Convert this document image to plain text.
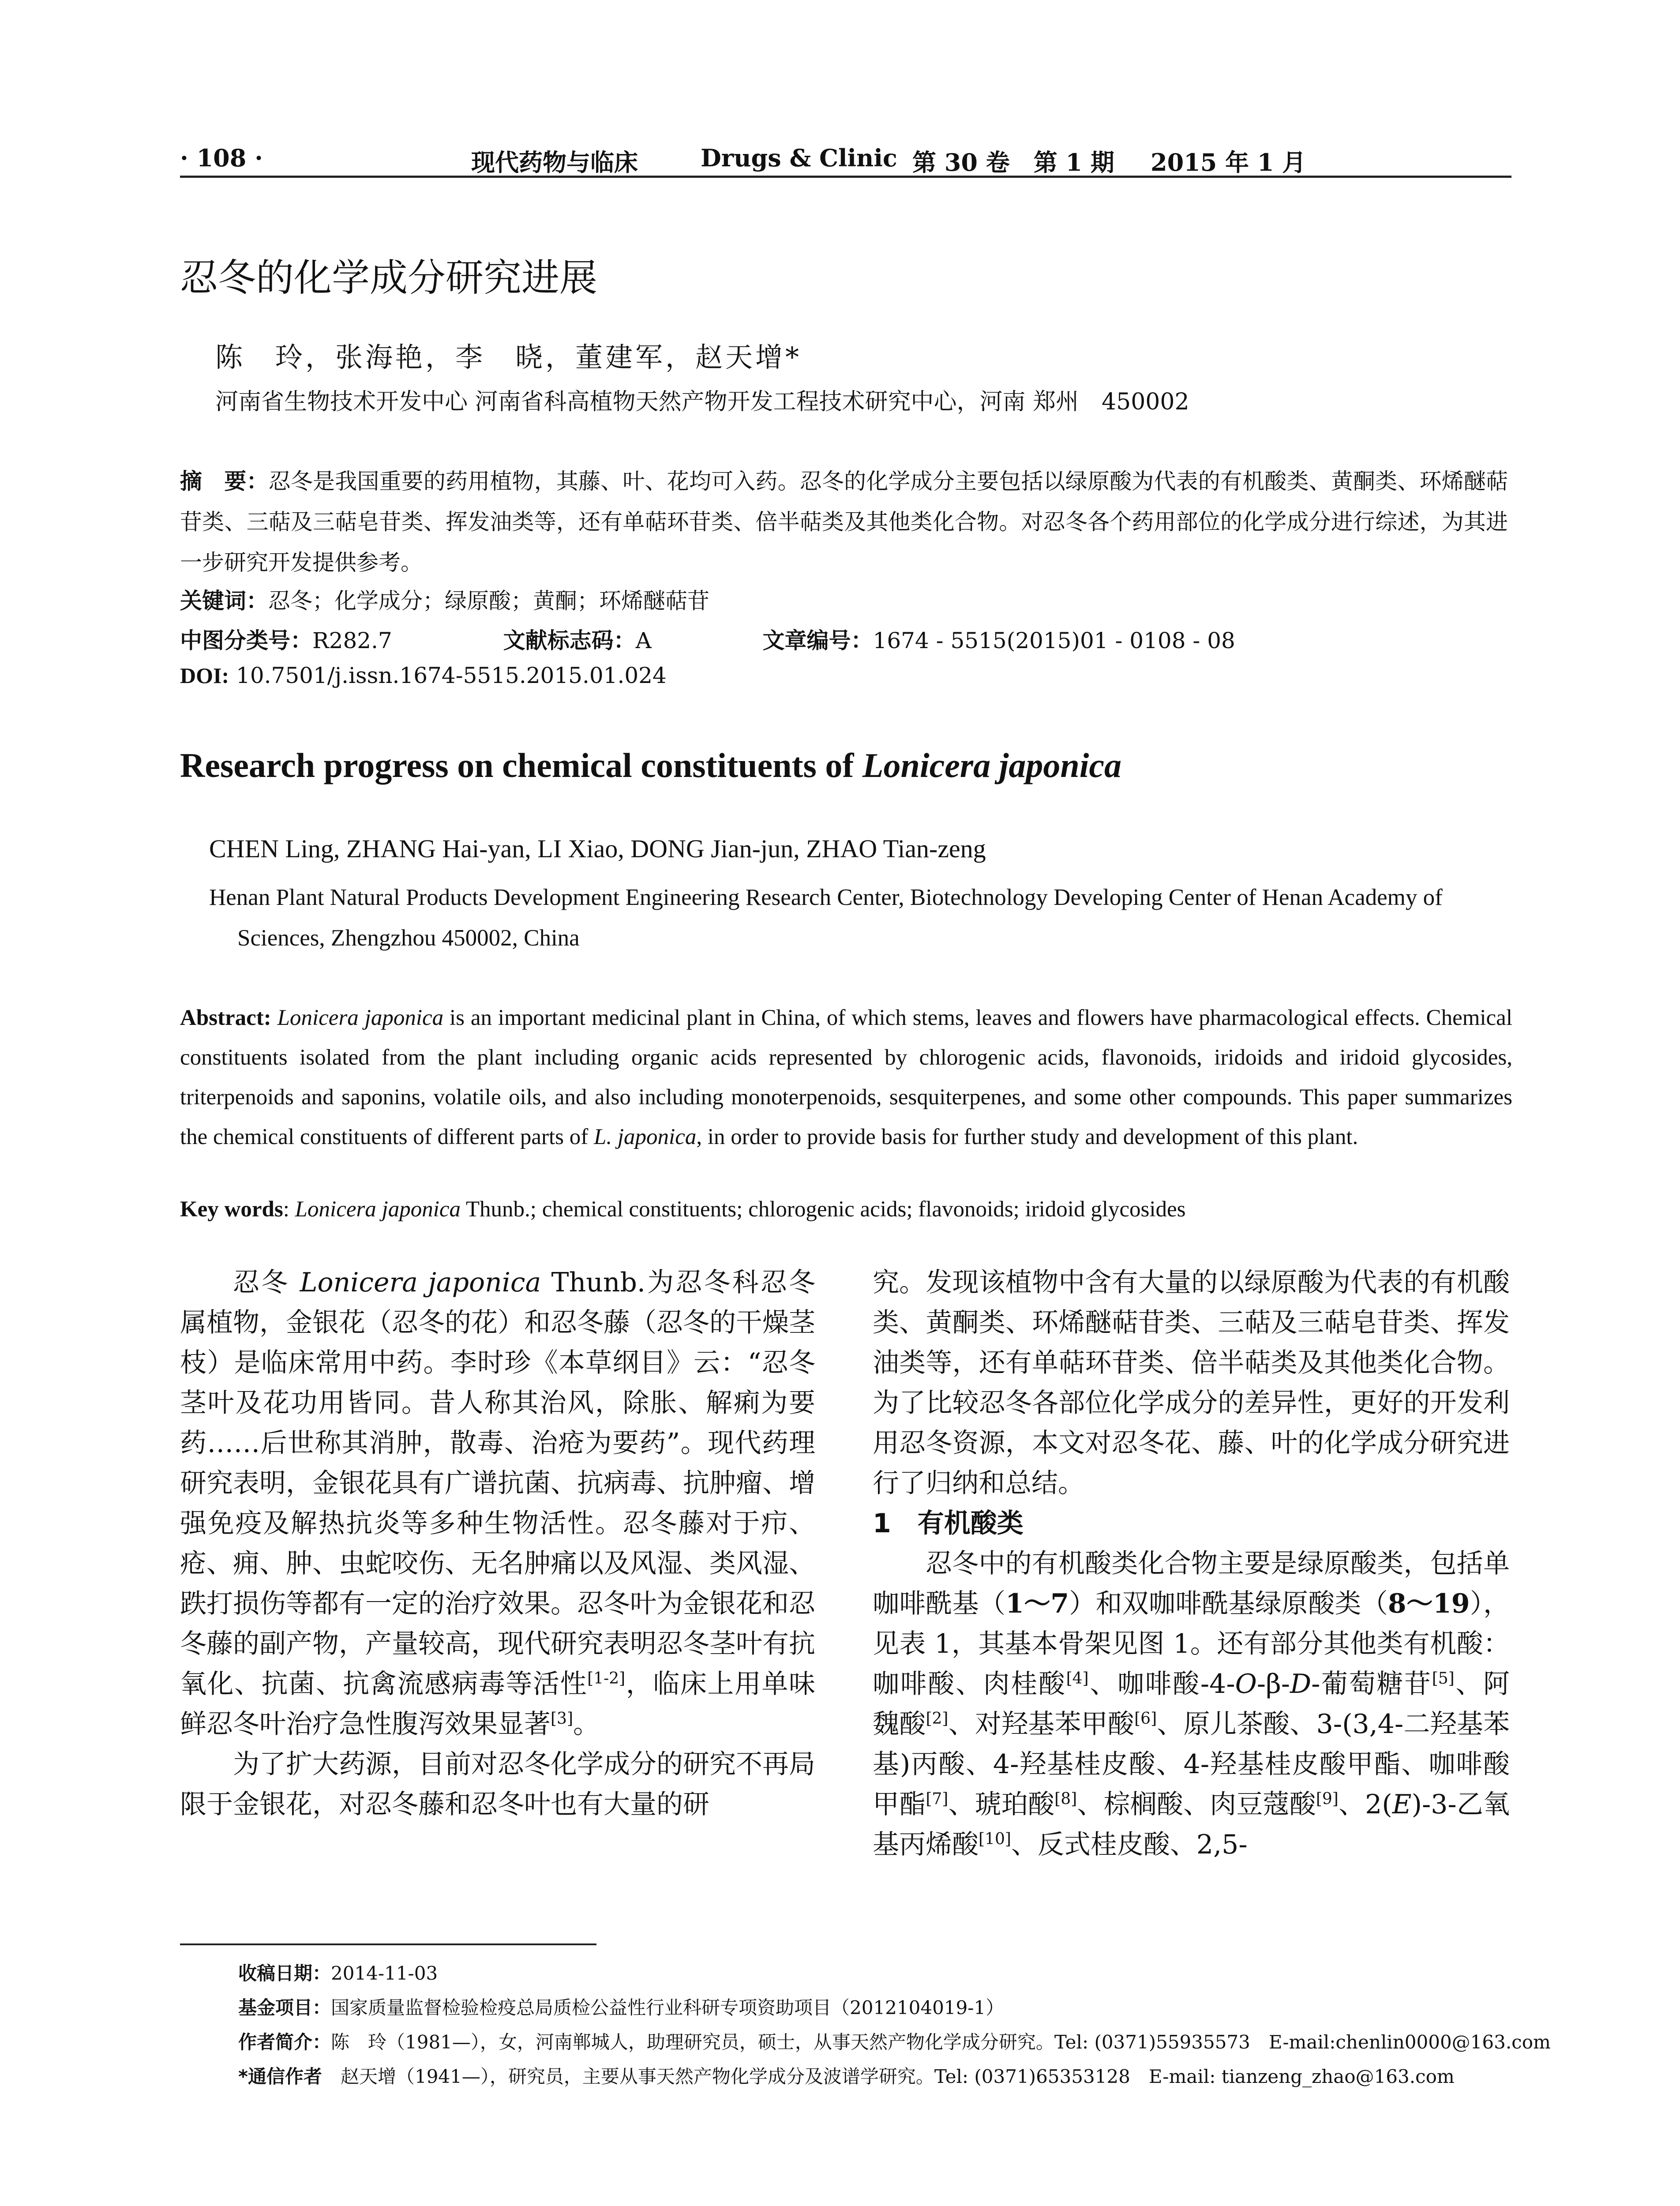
· 108 ·	现代药物与临床	Drugs & Clinic 第 30 卷　第 1 期 2015 年 1 月
忍冬的化学成分研究进展
陈　玲，张海艳，李　晓，董建军，赵天增*
河南省生物技术开发中心 河南省科高植物天然产物开发工程技术研究中心，河南 郑州　450002
摘　要：忍冬是我国重要的药用植物，其藤、叶、花均可入药。忍冬的化学成分主要包括以绿原酸为代表的有机酸类、黄酮类、环烯醚萜苷类、三萜及三萜皂苷类、挥发油类等，还有单萜环苷类、倍半萜类及其他类化合物。对忍冬各个药用部位的化学成分进行综述，为其进一步研究开发提供参考。
关键词：忍冬；化学成分；绿原酸；黄酮；环烯醚萜苷
中图分类号：R282.7	文献标志码：A	文章编号：1674 - 5515(2015)01 - 0108 - 08
DOI: 10.7501/j.issn.1674-5515.2015.01.024
Research progress on chemical constituents of Lonicera japonica
CHEN Ling, ZHANG Hai-yan, LI Xiao, DONG Jian-jun, ZHAO Tian-zeng
Henan Plant Natural Products Development Engineering Research Center, Biotechnology Developing Center of Henan Academy of
Sciences, Zhengzhou 450002, China
Abstract: Lonicera japonica is an important medicinal plant in China, of which stems, leaves and flowers have pharmacological effects. Chemical constituents isolated from the plant including organic acids represented by chlorogenic acids, flavonoids, iridoids and iridoid glycosides, triterpenoids and saponins, volatile oils, and also including monoterpenoids, sesquiterpenes, and some other compounds. This paper summarizes the chemical constituents of different parts of L. japonica, in order to provide basis for further study and development of this plant.
Key words: Lonicera japonica Thunb.; chemical constituents; chlorogenic acids; flavonoids; iridoid glycosides

忍冬 Lonicera japonica Thunb.为忍冬科忍冬属植物，金银花（忍冬的花）和忍冬藤（忍冬的干燥茎枝）是临床常用中药。李时珍《本草纲目》云：“忍冬茎叶及花功用皆同。昔人称其治风，除胀、解痢为要药……后世称其消肿，散毒、治疮为要药”。现代药理研究表明，金银花具有广谱抗菌、抗病毒、抗肿瘤、增强免疫及解热抗炎等多种生物活性。忍冬藤对于疖、疮、痈、肿、虫蛇咬伤、无名肿痛以及风湿、类风湿、跌打损伤等都有一定的治疗效果。忍冬叶为金银花和忍冬藤的副产物，产量较高，现代研究表明忍冬茎叶有抗氧化、抗菌、抗禽流感病毒等活性[1-2]，临床上用单味鲜忍冬叶治疗急性腹泻效果显著[3]。

为了扩大药源，目前对忍冬化学成分的研究不再局限于金银花，对忍冬藤和忍冬叶也有大量的研

究。发现该植物中含有大量的以绿原酸为代表的有机酸类、黄酮类、环烯醚萜苷类、三萜及三萜皂苷类、挥发油类等，还有单萜环苷类、倍半萜类及其他类化合物。为了比较忍冬各部位化学成分的差异性，更好的开发利用忍冬资源，本文对忍冬花、藤、叶的化学成分研究进行了归纳和总结。

1　有机酸类

忍冬中的有机酸类化合物主要是绿原酸类，包括单咖啡酰基（1～7）和双咖啡酰基绿原酸类（8～19），见表 1，其基本骨架见图 1。还有部分其他类有机酸：咖啡酸、肉桂酸[4]、咖啡酸-4-O-β-D-葡萄糖苷[5]、阿魏酸[2]、对羟基苯甲酸[6]、原儿茶酸、3-(3,4-二羟基苯基)丙酸、4-羟基桂皮酸、4-羟基桂皮酸甲酯、咖啡酸甲酯[7]、琥珀酸[8]、棕榈酸、肉豆蔻酸[9]、2(E)-3-乙氧基丙烯酸[10]、反式桂皮酸、2,5-

收稿日期：2014-11-03
基金项目：国家质量监督检验检疫总局质检公益性行业科研专项资助项目（2012104019-1）
作者简介：陈　玲（1981—），女，河南郸城人，助理研究员，硕士，从事天然产物化学成分研究。Tel: (0371)55935573　E-mail:chenlin0000@163.com
*通信作者　 赵天增（1941—），研究员，主要从事天然产物化学成分及波谱学研究。Tel: (0371)65353128　E-mail: tianzeng_zhao@163.com
